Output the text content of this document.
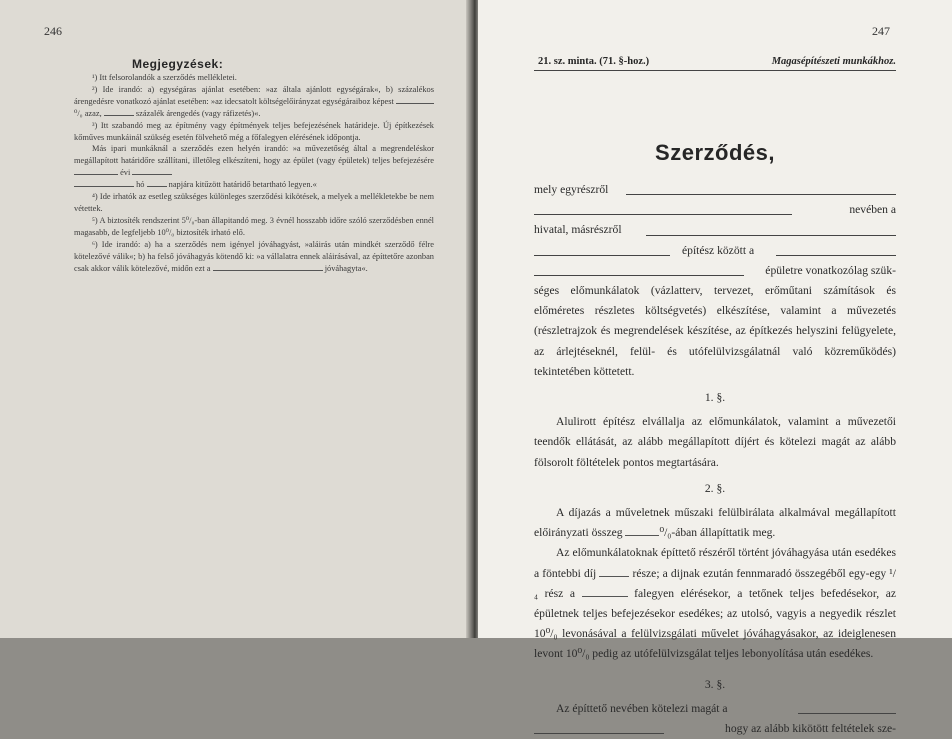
246
Megjegyzések:

¹) Itt felsorolandók a szerződés mellékletei.

²) Ide irandó: a) egységáras ajánlat esetében: »az általa ajánlott egységárak«, b) százalékos árengedésre vonatkozó ajánlat esetében: »az idecsatolt költségelőirányzat egységáraiboz képest ⁰/₀ azaz,	százalék árengedés (vagy ráfizetés)«.

³) Itt szabandó meg az építmény vagy építmények teljes befejezésének határideje. Új építkezések kőműves munkáinál szükség esetén fölvehető még a főfalegyen elérésének időpontja.

Más ipari munkáknál a szerződés ezen helyén irandó: »a művezetőség által a megrendeléskor megállapított határidőre szállítani, illetőleg elkészíteni, hogy az épület (vagy épületek) teljes befejezésére  évi
hó	napjára kitűzött határidő betartható legyen.«

⁴) Ide irhatók az esetleg szükséges különleges szerződési kikötések, a melyek a mellékletekbe be nem vétettek.

⁵) A biztosíték rendszerint 5⁰/₀-ban állapitandó meg. 3 évnél hosszabb időre szóló szerződésben ennél magasabb, de legfeljebb 10⁰/₀ biztosíték irható elő.

⁶) Ide irandó: a) ha a szerződés nem igényel jóváhagyást, »aláirás után mindkét szerződő félre kötelezővé válik«; b) ha felső jóváhagyás kötendő ki: »a vállalatra ennek aláirásával, az építtetőre azonban csak akkor válik kötelezővé, midőn ezt a	jóváhagyta«.

247
21. sz. minta. (71. §-hoz.)	Magasépítészeti munkákhoz.
Szerződés,
mely egyrészről
nevében a
hivatal, másrészről
építész között a
épületre vonatkozólag szük-

séges előmunkálatok (vázlatterv, tervezet, erőműtani számítások és előméretes részletes költségvetés) elkészítése, valamint a művezetés (részletrajzok és megrendelések készítése, az építkezés helyszini felügyelete, az árlejtéseknél, felül- és utófelülvizsgálatnál való közreműködés) tekintetében köttetett.

1. §.

Alulirott építész elvállalja az előmunkálatok, valamint a művezetői teendők ellátását, az alább megállapított díjért és kötelezi magát az alább fölsorolt föltételek pontos megtartására.

2. §.

A díjazás a műveletnek műszaki felülbirálata alkalmával megállapított előirányzati összeg	⁰/₀-ában állapíttatik meg.

Az előmunkálatoknak építtető részéről történt jóváhagyása után esedékes a föntebbi díj	része; a dijnak ezután fennmaradó összegéből egy-egy ¹/₄ rész a	falegyen elérésekor, a tetőnek teljes befedésekor, az épületnek teljes befejezésekor esedékes; az utolsó, vagyis a negyedik részlet 10⁰/₀ levonásával a felülvizsgálati művelet jóváhagyásakor, az ideiglenesen levont 10⁰/₀ pedig az utófelülvizsgálat teljes lebonyolítása után esedékes.

3. §.
Az építtető nevében kötelezi magát a
hogy az alább kikötött feltételek sze-
